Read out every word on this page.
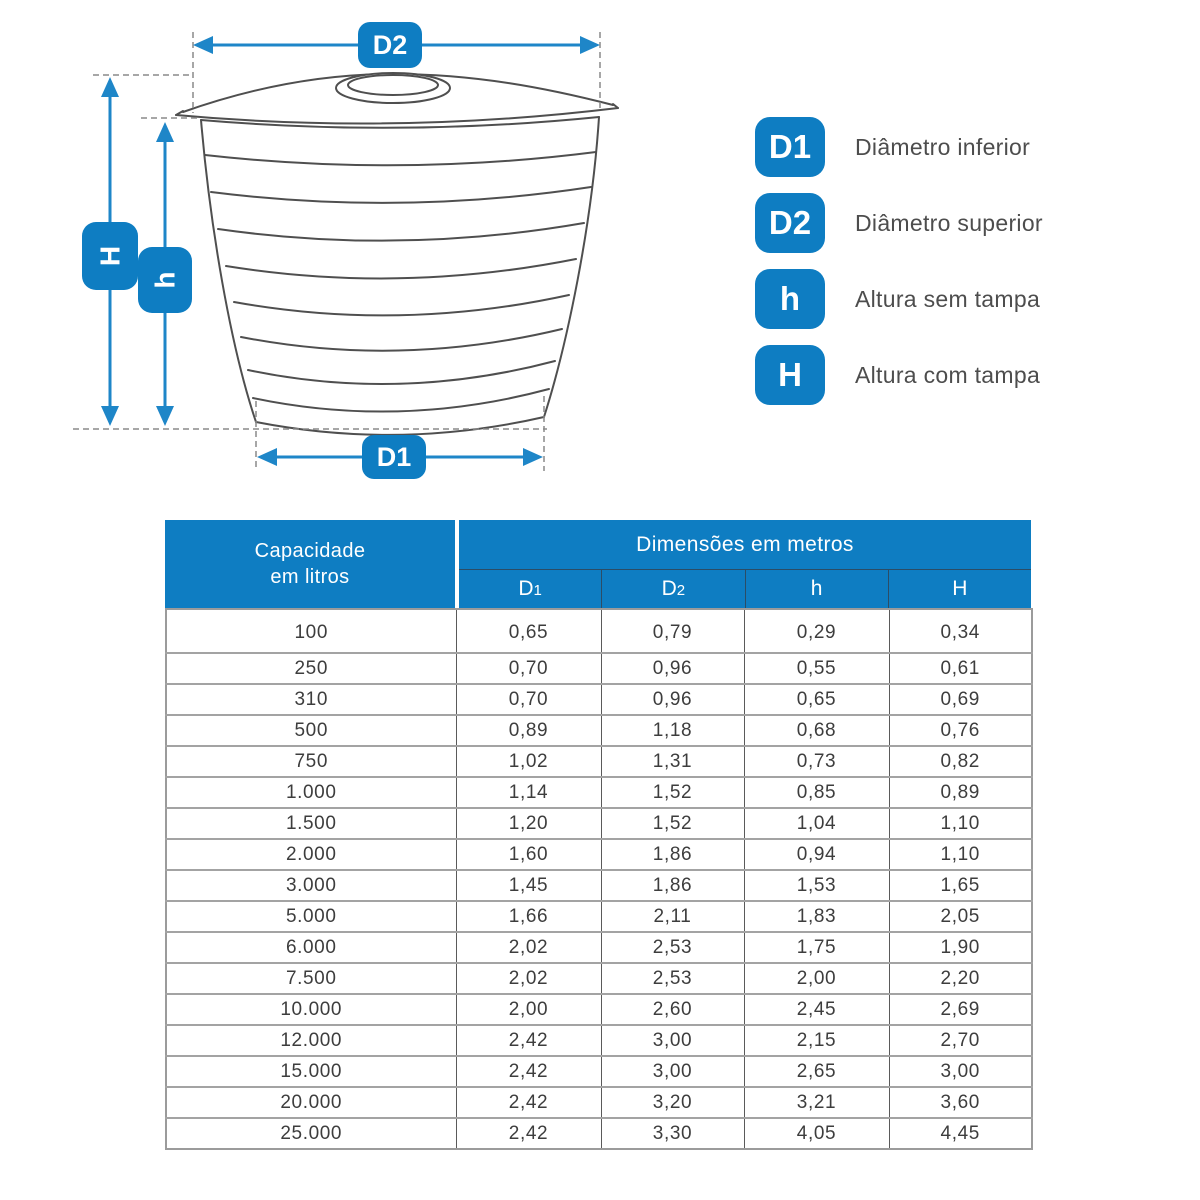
D2
H
h
D1
D1	Diâmetro inferior
D2	Diâmetro superior
h	Altura sem tampa
H	Altura com tampa
Capacidade
em litros
Dimensões em metros
D 1	D 2	h	H
100	0,65	0,79	0,29	0,34
250	0,70	0,96	0,55	0,61
310	0,70	0,96	0,65	0,69
500	0,89	1,18	0,68	0,76
750	1,02	1,31	0,73	0,82
1.000	1,14	1,52	0,85	0,89
1.500	1,20	1,52	1,04	1,10
2.000	1,60	1,86	0,94	1,10
3.000	1,45	1,86	1,53	1,65
5.000	1,66	2,11	1,83	2,05
6.000	2,02	2,53	1,75	1,90
7.500	2,02	2,53	2,00	2,20
10.000	2,00	2,60	2,45	2,69
12.000	2,42	3,00	2,15	2,70
15.000	2,42	3,00	2,65	3,00
20.000	2,42	3,20	3,21	3,60
25.000	2,42	3,30	4,05	4,45
